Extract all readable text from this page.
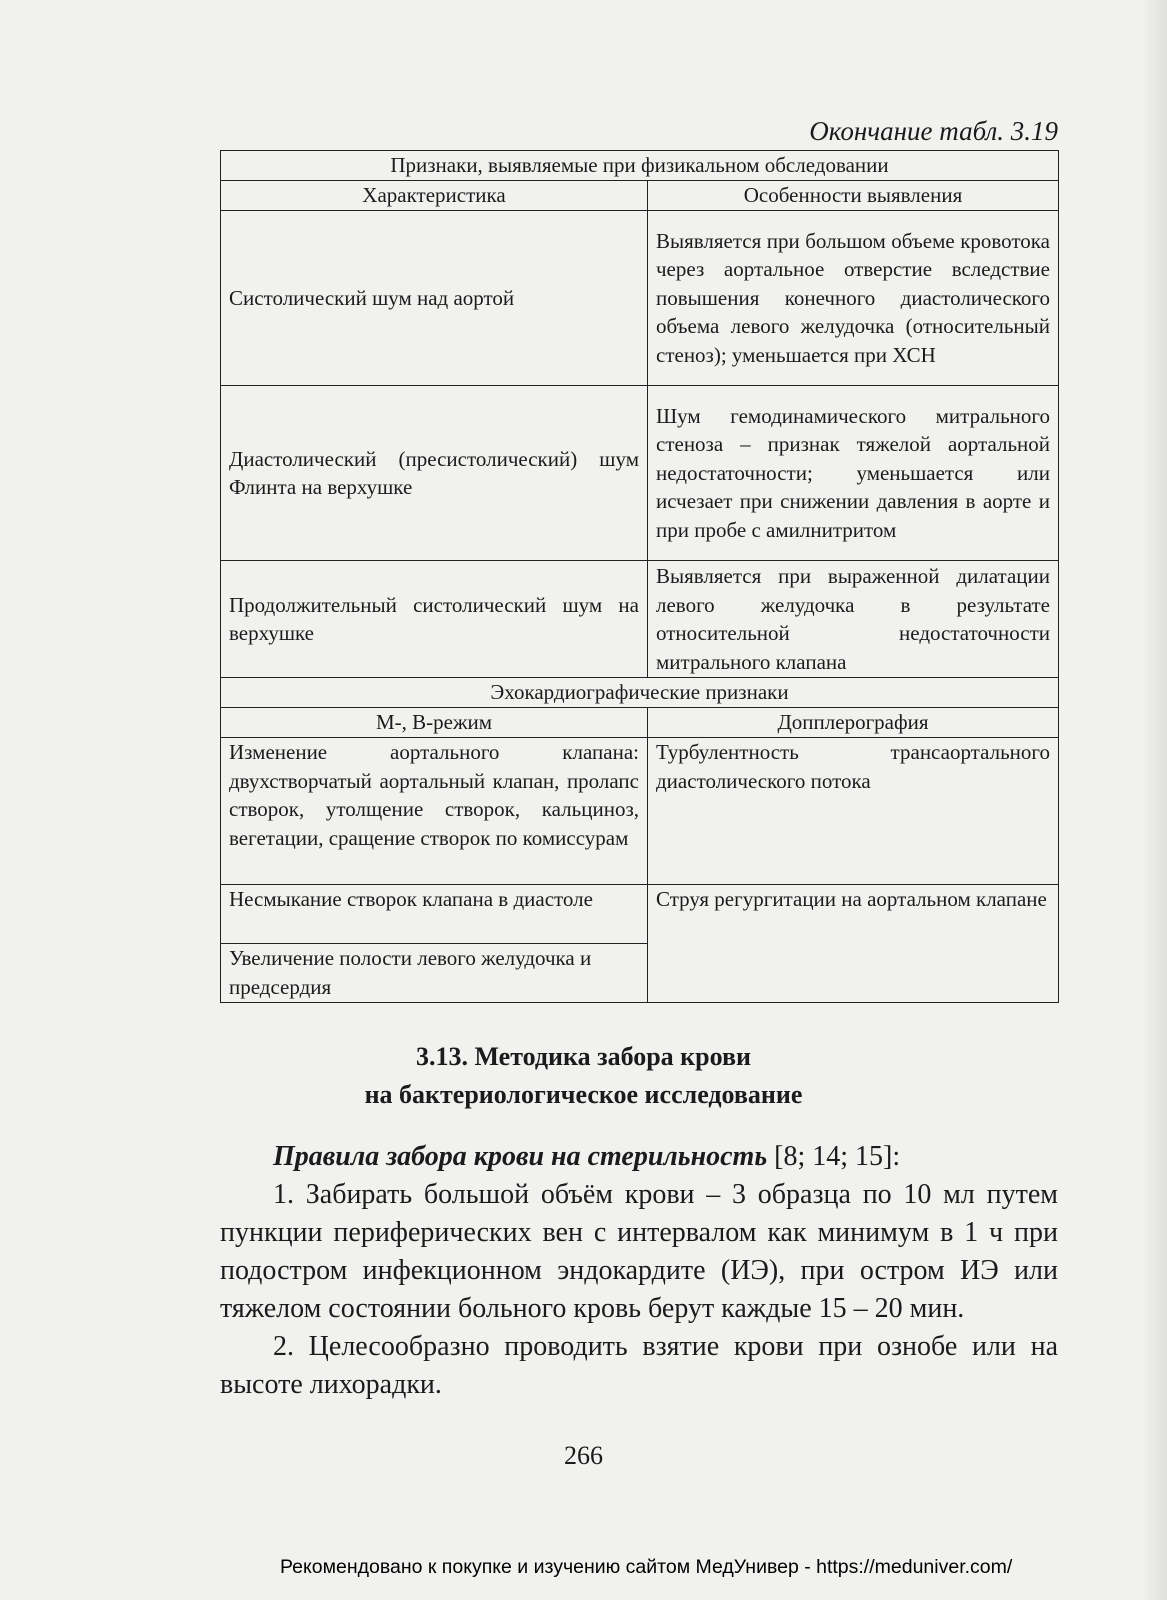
Окончание табл. 3.19
Признаки, выявляемые при физикальном обследовании	
Характеристика	Особенности выявления
Систолический шум над аортой	Выявляется при большом объеме кровотока через аортальное отверстие вследствие повышения конечного диастолического объема левого желудочка (относительный стеноз); уменьшается при ХСН
Диастолический (пресистолический) шум Флинта на верхушке	Шум гемодинамического митрального стеноза – признак тяжелой аортальной недостаточности; уменьшается или исчезает при снижении давления в аорте и при пробе с амилнитритом
Продолжительный систолический шум на верхушке	Выявляется при выраженной дилатации левого желудочка в результате относительной недостаточности митрального клапана
Эхокардиографические признаки	
М-, В-режим	Допплерография
Изменение аортального клапана: двухстворчатый аортальный клапан, пролапс створок, утолщение створок, кальциноз, вегетации, сращение створок по комиссурам	Турбулентность трансаортального диастолического потока
Несмыкание створок клапана в диастоле	Струя регургитации на аортальном клапане
Увеличение полости левого желудочка и предсердия	
3.13. Методика забора крови
на бактериологическое исследование

Правила забора крови на стерильность [8; 14; 15]:

1. Забирать большой объём крови – 3 образца по 10 мл путем пункции периферических вен с интервалом как минимум в 1 ч при подостром инфекционном эндокардите (ИЭ), при остром ИЭ или тяжелом состоянии больного кровь берут каждые 15 – 20 мин.

2. Целесообразно проводить взятие крови при ознобе или на высоте лихорадки.

266
Рекомендовано к покупке и изучению сайтом МедУнивер - https://meduniver.com/
